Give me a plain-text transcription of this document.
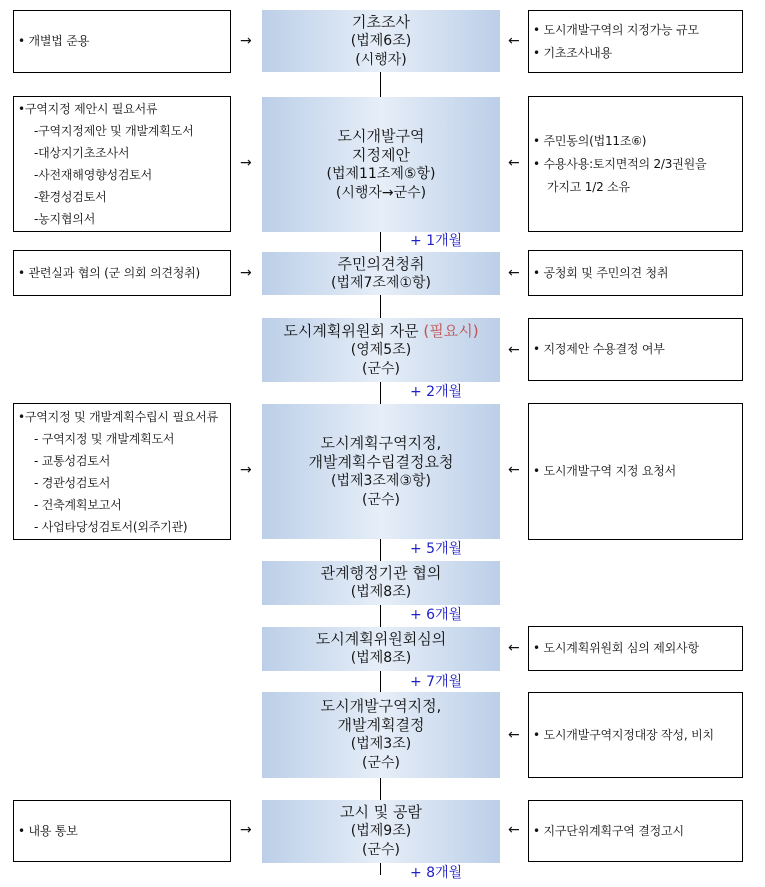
기초조사
(법제6조)
(시행자)
도시개발구역
지정제안
(법제11조제⑤항)
(시행자→군수)
주민의견청취
(법제7조제①항)
도시계획위원회 자문 (필요시)
(영제5조)
(군수)
도시계획구역지정,
개발계획수립결정요청
(법제3조제③항)
(군수)
관계행정기관 협의
(법제8조)
도시계획위원회심의
(법제8조)
도시개발구역지정,
개발계획결정
(법제3조)
(군수)
고시 및 공람
(법제9조)
(군수)
+ 1개월
+ 2개월
+ 5개월
+ 6개월
+ 7개월
+ 8개월
• 개별법 준용
•구역지정 제안시 필요서류
-구역지정제안 및 개발계획도서
-대상지기초조사서
-사전재해영향성검토서
-환경성검토서
-농지협의서
• 관련실과 협의 (군 의회 의견청취)
•구역지정 및 개발계획수립시 필요서류
- 구역지정 및 개발계획도서
- 교통성검토서
- 경관성검토서
- 건축계획보고서
- 사업타당성검토서(외주기관)
• 내용 통보
• 도시개발구역의 지정가능 규모
• 기초조사내용
• 주민동의(법11조⑥)
• 수용사용:토지면적의 2/3권원을
가지고 1/2 소유
• 공청회 및 주민의견 청취
• 지정제안 수용결정 여부
• 도시개발구역 지정 요청서
• 도시계획위원회 심의 제외사항
• 도시개발구역지정대장 작성, 비치
• 지구단위계획구역 결정고시
→
→
→
→
→
←
←
←
←
←
←
←
←
